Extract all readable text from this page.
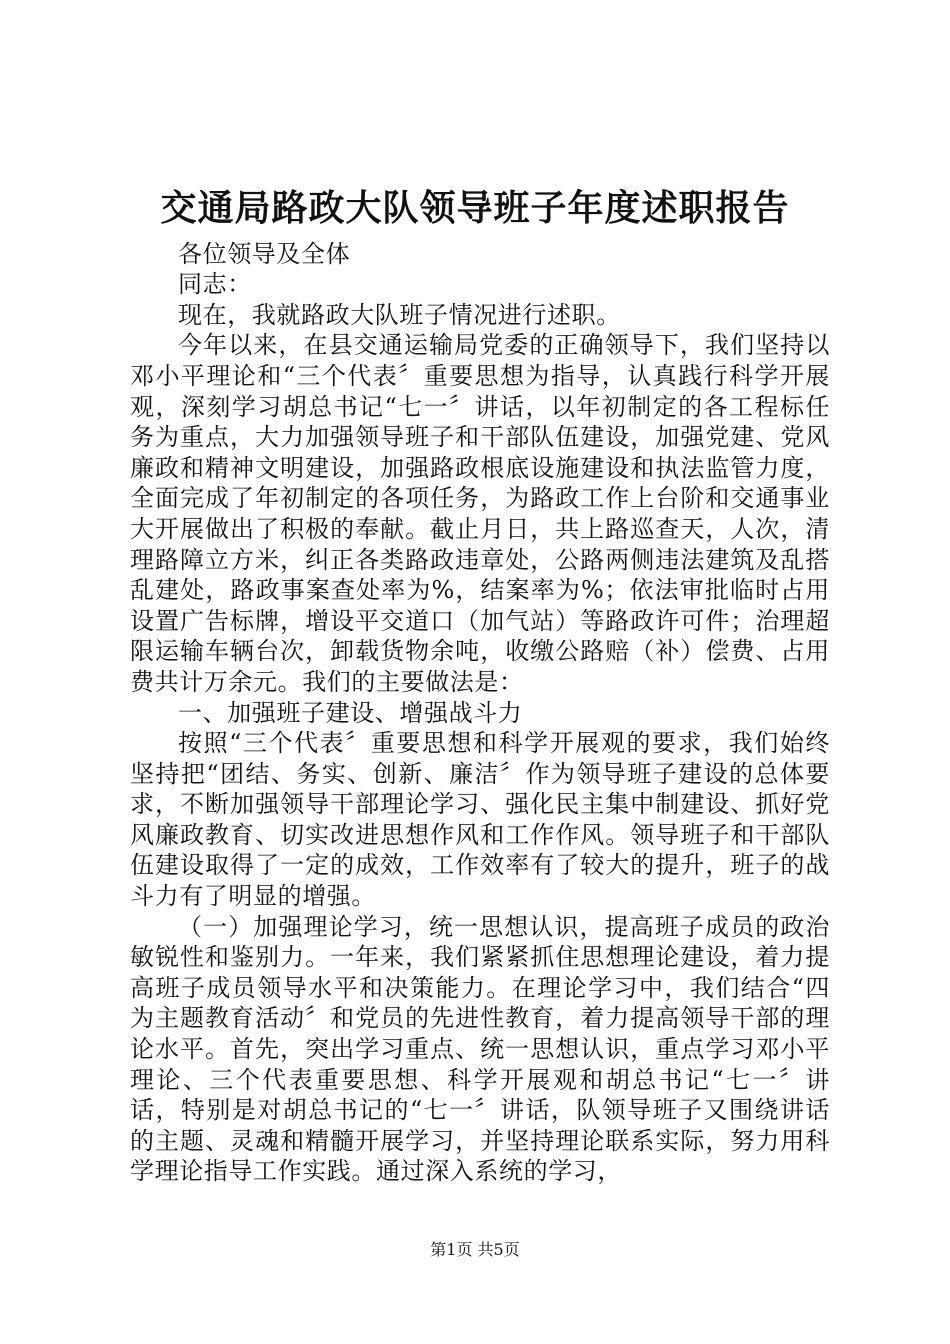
交通局路政大队领导班子年度述职报告

各位领导及全体

同志：

现在，我就路政大队班子情况进行述职。

今年以来，在县交通运输局党委的正确领导下，我们坚持以邓小平理论和“三个代表〞重要思想为指导，认真践行科学开展观，深刻学习胡总书记“七一〞讲话，以年初制定的各工程标任务为重点，大力加强领导班子和干部队伍建设，加强党建、党风廉政和精神文明建设，加强路政根底设施建设和执法监管力度，全面完成了年初制定的各项任务，为路政工作上台阶和交通事业大开展做出了积极的奉献。截止月日，共上路巡查天，人次，清理路障立方米，纠正各类路政违章处，公路两侧违法建筑及乱搭乱建处，路政事案查处率为%，结案率为%；依法审批临时占用设置广告标牌，增设平交道口（加气站）等路政许可件；治理超限运输车辆台次，卸载货物余吨，收缴公路赔（补）偿费、占用费共计万余元。我们的主要做法是：

一、加强班子建设、增强战斗力

按照“三个代表〞重要思想和科学开展观的要求，我们始终坚持把“团结、务实、创新、廉洁〞作为领导班子建设的总体要求，不断加强领导干部理论学习、强化民主集中制建设、抓好党风廉政教育、切实改进思想作风和工作作风。领导班子和干部队伍建设取得了一定的成效，工作效率有了较大的提升，班子的战斗力有了明显的增强。

（一）加强理论学习，统一思想认识，提高班子成员的政治敏锐性和鉴别力。一年来，我们紧紧抓住思想理论建设，着力提高班子成员领导水平和决策能力。在理论学习中，我们结合“四为主题教育活动〞和党员的先进性教育，着力提高领导干部的理论水平。首先，突出学习重点、统一思想认识，重点学习邓小平理论、三个代表重要思想、科学开展观和胡总书记“七一〞讲话，特别是对胡总书记的“七一〞讲话，队领导班子又围绕讲话的主题、灵魂和精髓开展学习，并坚持理论联系实际，努力用科学理论指导工作实践。通过深入系统的学习，

第1页 共5页
